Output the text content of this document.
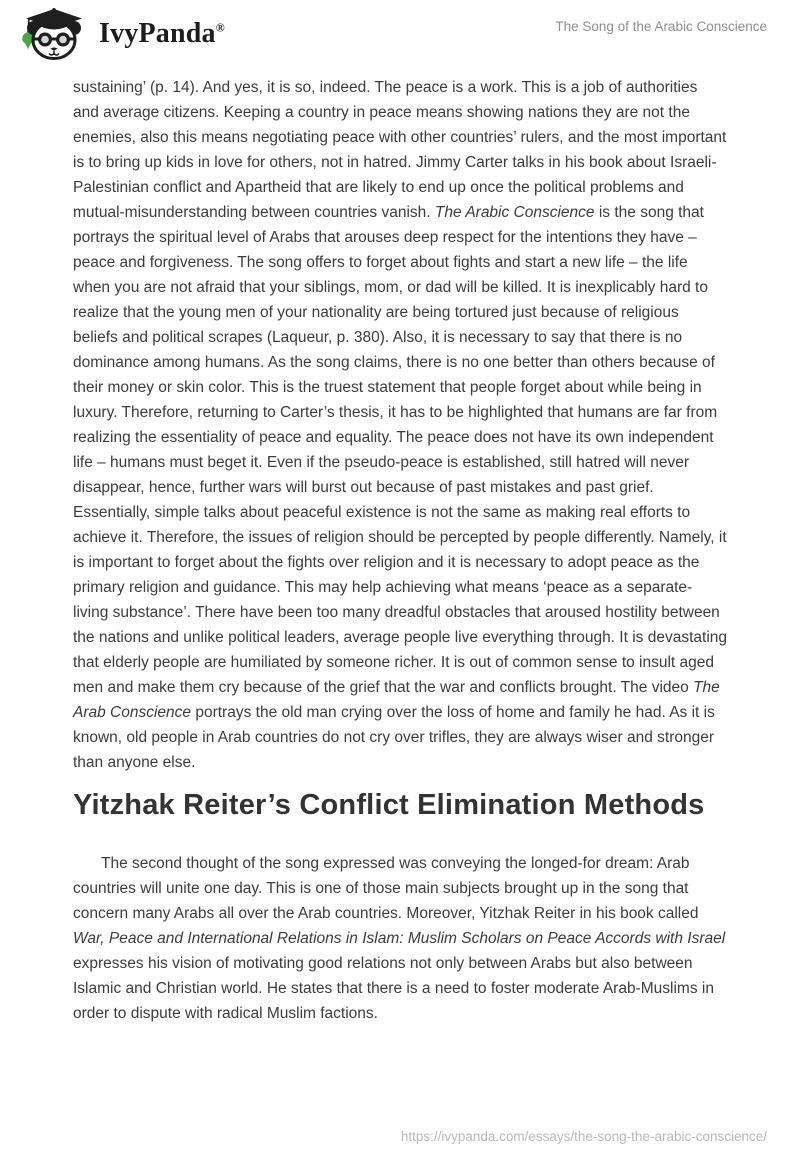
IvyPanda®	The Song of the Arabic Conscience

sustaining’ (p. 14). And yes, it is so, indeed. The peace is a work. This is a job of authorities and average citizens. Keeping a country in peace means showing nations they are not the enemies, also this means negotiating peace with other countries’ rulers, and the most important is to bring up kids in love for others, not in hatred. Jimmy Carter talks in his book about Israeli-Palestinian conflict and Apartheid that are likely to end up once the political problems and mutual-misunderstanding between countries vanish. The Arabic Conscience is the song that portrays the spiritual level of Arabs that arouses deep respect for the intentions they have – peace and forgiveness. The song offers to forget about fights and start a new life – the life when you are not afraid that your siblings, mom, or dad will be killed. It is inexplicably hard to realize that the young men of your nationality are being tortured just because of religious beliefs and political scrapes (Laqueur, p. 380). Also, it is necessary to say that there is no dominance among humans. As the song claims, there is no one better than others because of their money or skin color. This is the truest statement that people forget about while being in luxury. Therefore, returning to Carter’s thesis, it has to be highlighted that humans are far from realizing the essentiality of peace and equality. The peace does not have its own independent life – humans must beget it. Even if the pseudo-peace is established, still hatred will never disappear, hence, further wars will burst out because of past mistakes and past grief. Essentially, simple talks about peaceful existence is not the same as making real efforts to achieve it. Therefore, the issues of religion should be percepted by people differently. Namely, it is important to forget about the fights over religion and it is necessary to adopt peace as the primary religion and guidance. This may help achieving what means ‘peace as a separate-living substance’. There have been too many dreadful obstacles that aroused hostility between the nations and unlike political leaders, average people live everything through. It is devastating that elderly people are humiliated by someone richer. It is out of common sense to insult aged men and make them cry because of the grief that the war and conflicts brought. The video The Arab Conscience portrays the old man crying over the loss of home and family he had. As it is known, old people in Arab countries do not cry over trifles, they are always wiser and stronger than anyone else.

Yitzhak Reiter’s Conflict Elimination Methods

The second thought of the song expressed was conveying the longed-for dream: Arab countries will unite one day. This is one of those main subjects brought up in the song that concern many Arabs all over the Arab countries. Moreover, Yitzhak Reiter in his book called War, Peace and International Relations in Islam: Muslim Scholars on Peace Accords with Israel expresses his vision of motivating good relations not only between Arabs but also between Islamic and Christian world. He states that there is a need to foster moderate Arab-Muslims in order to dispute with radical Muslim factions.

https://ivypanda.com/essays/the-song-the-arabic-conscience/
